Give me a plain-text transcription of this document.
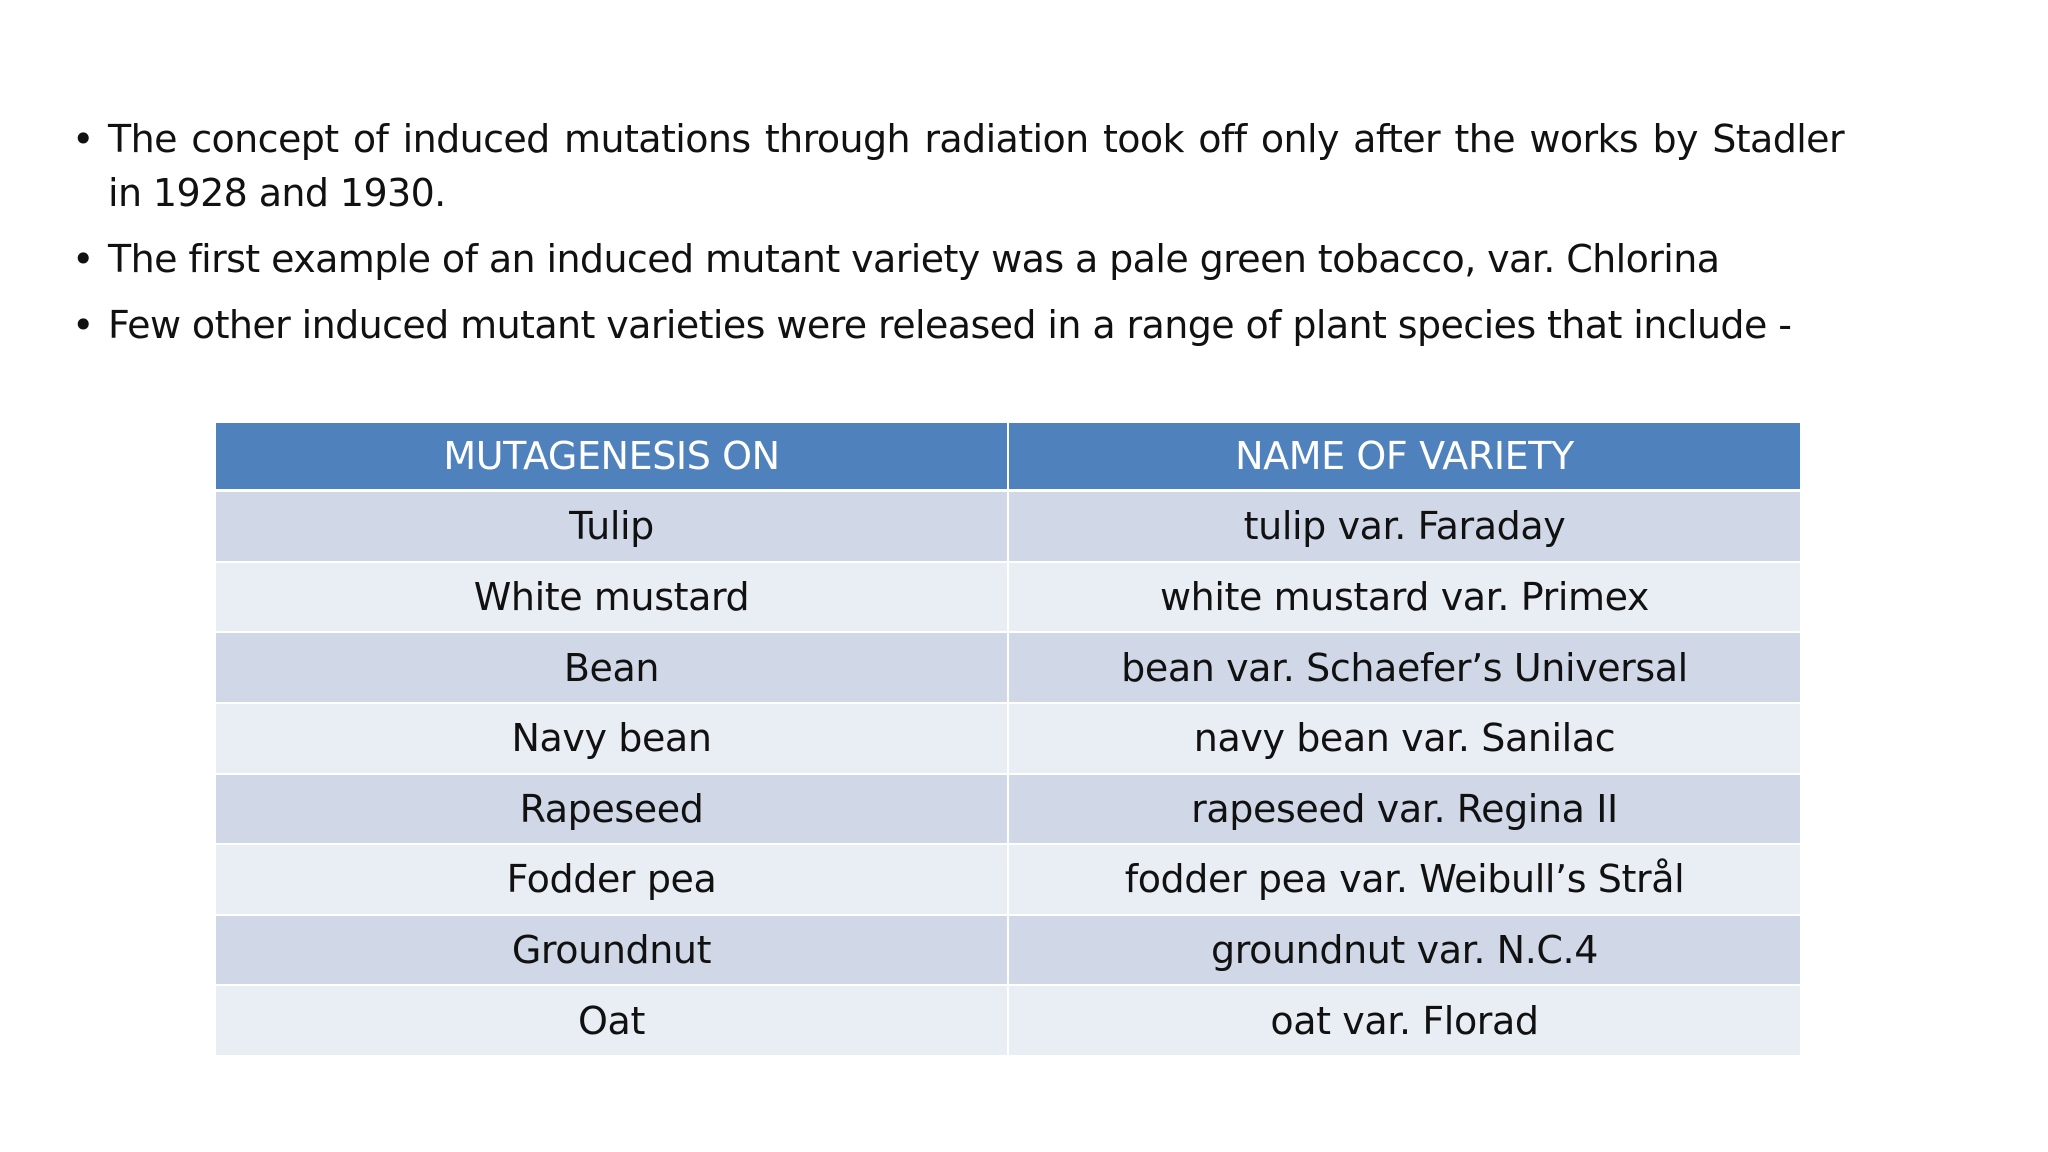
• The concept of induced mutations through radiation took off only after the works by Stadler in 1928 and 1930.
• The first example of an induced mutant variety was a pale green tobacco, var. Chlorina
• Few other induced mutant varieties were released in a range of plant species that include -
MUTAGENESIS ON	NAME OF VARIETY
Tulip	tulip var. Faraday
White mustard	white mustard var. Primex
Bean	bean var. Schaefer’s Universal
Navy bean	navy bean var. Sanilac
Rapeseed	rapeseed var. Regina II
Fodder pea	fodder pea var. Weibull’s Strål
Groundnut	groundnut var. N.C.4
Oat	oat var. Florad
